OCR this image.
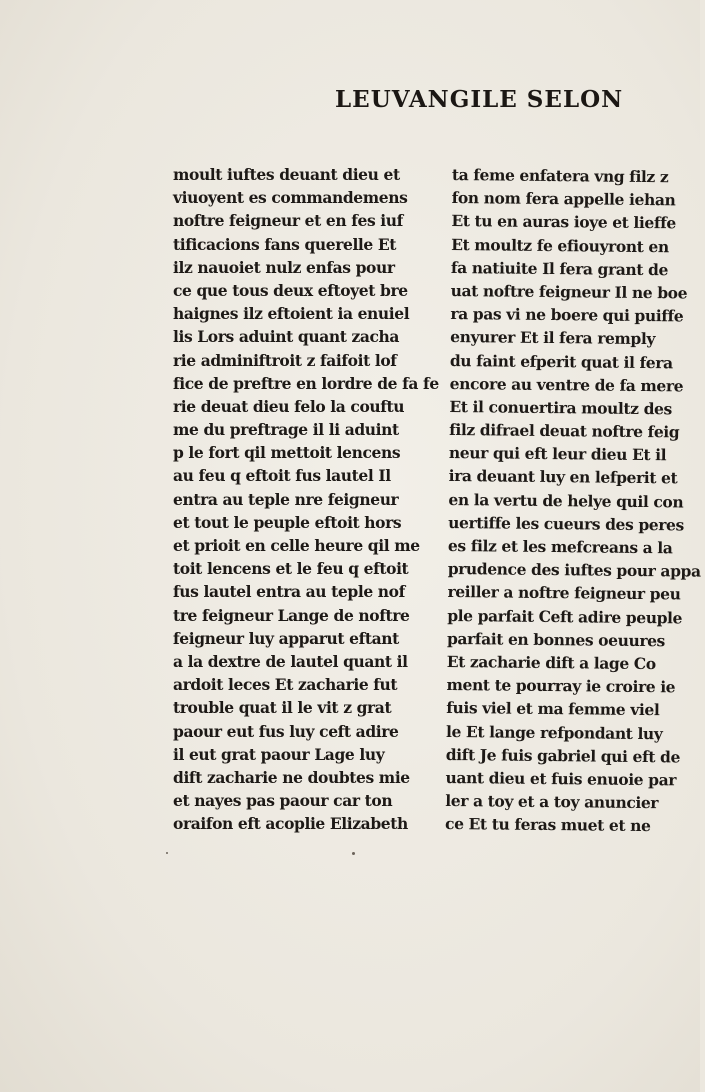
LEUVANGILE SELON
moult iuftes deuant dieu et
viuoyent es commandemens
noftre feigneur et en fes iuf
tificacions fans querelle Et
ilz nauoiet nulz enfas pour
ce que tous deux eftoyet bre
haignes ilz eftoient ia enuiel
lis Lors aduint quant zacha
rie adminiftroit z faifoit lof
fice de preftre en lordre de fa fe
rie deuat dieu felo la couftu
me du preftrage il li aduint
p le fort qil mettoit lencens
au feu q eftoit fus lautel Il
entra au teple nre feigneur
et tout le peuple eftoit hors
et prioit en celle heure qil me
toit lencens et le feu q eftoit
fus lautel entra au teple nof
tre feigneur Lange de noftre
feigneur luy apparut eftant
a la dextre de lautel quant il
ardoit leces Et zacharie fut
trouble quat il le vit z grat
paour eut fus luy ceft adire
il eut grat paour Lage luy
dift zacharie ne doubtes mie
et nayes pas paour car ton
oraifon eft acoplie Elizabeth
ta feme enfatera vng filz z
fon nom fera appelle iehan
Et tu en auras ioye et lieffe
Et moultz fe efiouyront en
fa natiuite Il fera grant de
uat noftre feigneur Il ne boe
ra pas vi ne boere qui puiffe
enyurer Et il fera remply
du faint efperit quat il fera
encore au ventre de fa mere
Et il conuertira moultz des
filz difrael deuat noftre feig
neur qui eft leur dieu Et il
ira deuant luy en lefperit et
en la vertu de helye quil con
uertiffe les cueurs des peres
es filz et les mefcreans a la
prudence des iuftes pour appa
reiller a noftre feigneur peu
ple parfait Ceft adire peuple
parfait en bonnes oeuures
Et zacharie dift a lage Co
ment te pourray ie croire ie
fuis viel et ma femme viel
le Et lange refpondant luy
dift Je fuis gabriel qui eft de
uant dieu et fuis enuoie par
ler a toy et a toy anuncier
ce Et tu feras muet et ne
